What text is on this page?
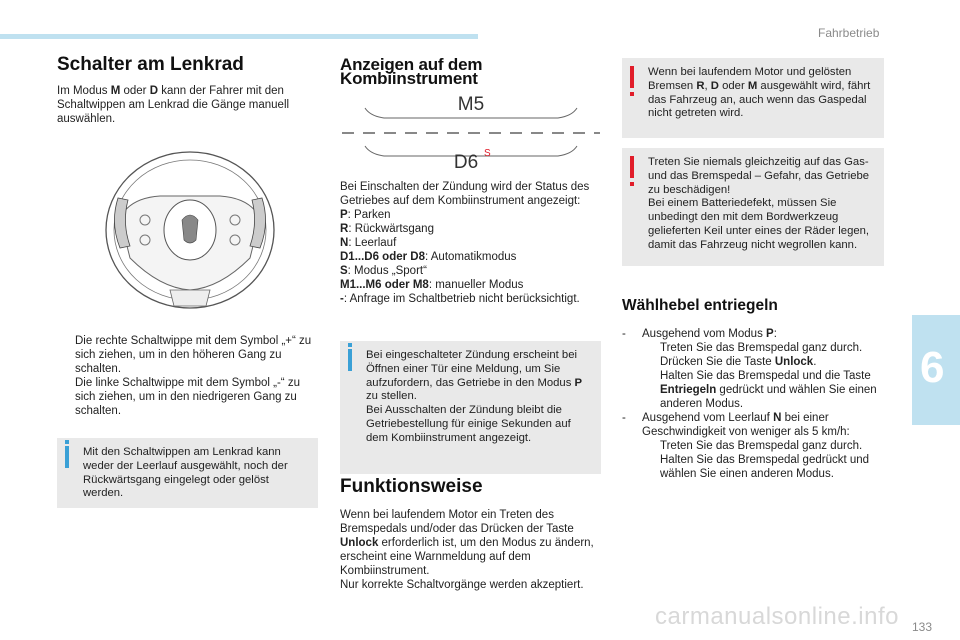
Fahrbetrieb
6
Schalter am Lenkrad

Im Modus M oder D kann der Fahrer mit den Schaltwippen am Lenkrad die Gänge manuell auswählen.

Die rechte Schaltwippe mit dem Symbol „+“ zu sich ziehen, um in den höheren Gang zu schalten.
Die linke Schaltwippe mit dem Symbol „-“ zu sich ziehen, um in den niedrigeren Gang zu schalten.
Mit den Schaltwippen am Lenkrad kann weder der Leerlauf ausgewählt, noch der Rückwärtsgang eingelegt oder gelöst werden.
Anzeigen auf dem Kombiinstrument
M5
D6 S

Bei Einschalten der Zündung wird der Status des Getriebes auf dem Kombiinstrument angezeigt:

P: Parken
R: Rückwärtsgang
N: Leerlauf
D1...D6 oder D8: Automatikmodus
S: Modus „Sport“
M1...M6 oder M8: manueller Modus
-: Anfrage im Schaltbetrieb nicht berücksichtigt.

Bei eingeschalteter Zündung erscheint bei Öffnen einer Tür eine Meldung, um Sie aufzufordern, das Getriebe in den Modus P zu stellen.

Bei Ausschalten der Zündung bleibt die Getriebestellung für einige Sekunden auf dem Kombiinstrument angezeigt.

Funktionsweise

Wenn bei laufendem Motor ein Treten des Bremspedals und/oder das Drücken der Taste Unlock erforderlich ist, um den Modus zu ändern, erscheint eine Warnmeldung auf dem Kombiinstrument.

Nur korrekte Schaltvorgänge werden akzeptiert.

Wenn bei laufendem Motor und gelösten Bremsen R, D oder M ausgewählt wird, fährt das Fahrzeug an, auch wenn das Gaspedal nicht getreten wird.

Treten Sie niemals gleichzeitig auf das Gas- und das Bremspedal – Gefahr, das Getriebe zu beschädigen!

Bei einem Batteriedefekt, müssen Sie unbedingt den mit dem Bordwerkzeug gelieferten Keil unter eines der Räder legen, damit das Fahrzeug nicht wegrollen kann.

Wählhebel entriegeln
-	Ausgehend vom Modus P:
Treten Sie das Bremspedal ganz durch.
Drücken Sie die Taste Unlock.
Halten Sie das Bremspedal und die Taste Entriegeln gedrückt und wählen Sie einen anderen Modus.
-	Ausgehend vom Leerlauf N bei einer Geschwindigkeit von weniger als 5 km/h:
Treten Sie das Bremspedal ganz durch.
Halten Sie das Bremspedal gedrückt und wählen Sie einen anderen Modus.
carmanualsonline.info 133
